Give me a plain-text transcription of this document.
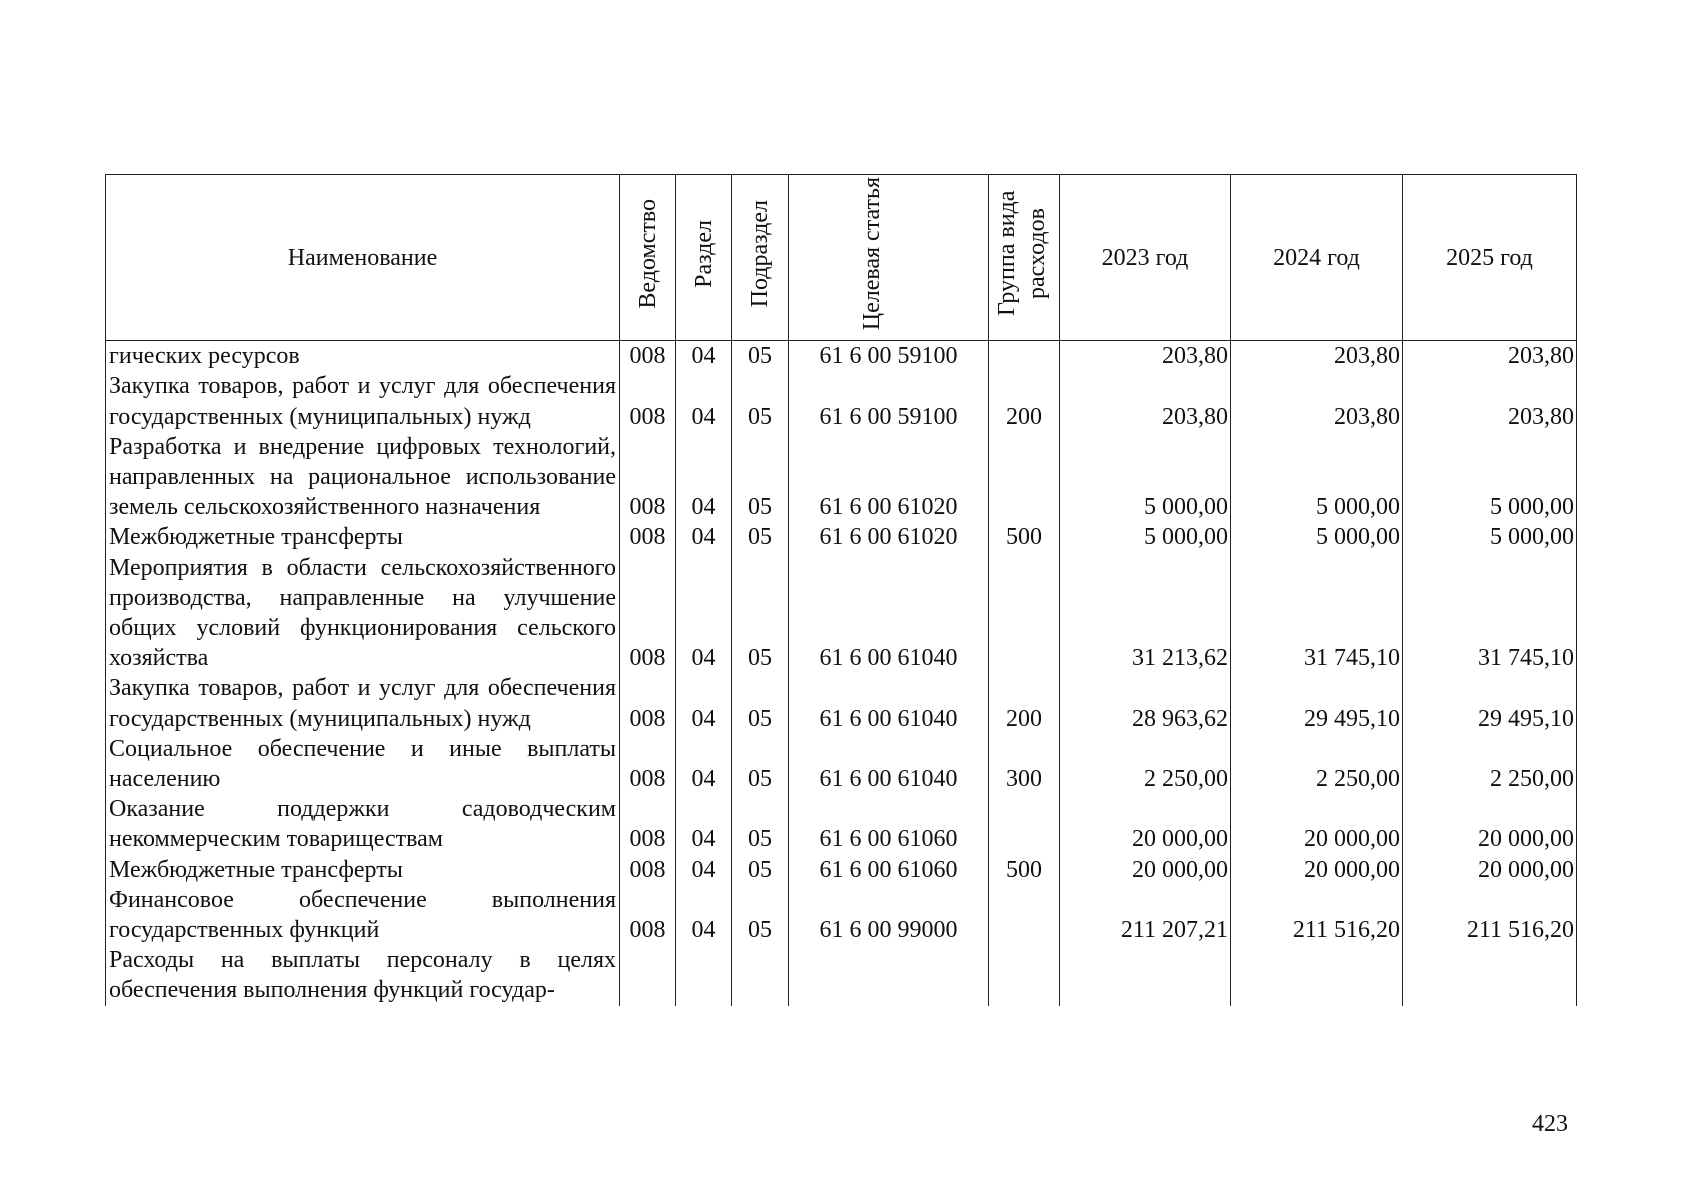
Наименование	Ведомство	Раздел	Подраздел	Целевая статья	Группа вида расходов	2023 год	2024 год	2025 год
гических ресурсов	008	04	05	61 6 00 59100		203,80	203,80	203,80
Закупка товаров, работ и услуг для обеспечения государственных (муниципальных) нужд	008	04	05	61 6 00 59100	200	203,80	203,80	203,80
Разработка и внедрение цифровых технологий, направленных на рациональное использование земель сельскохозяйственного назначения	008	04	05	61 6 00 61020		5 000,00	5 000,00	5 000,00
Межбюджетные трансферты	008	04	05	61 6 00 61020	500	5 000,00	5 000,00	5 000,00
Мероприятия в области сельскохозяйственного производства, направленные на улучшение общих условий функционирования сельского хозяйства	008	04	05	61 6 00 61040		31 213,62	31 745,10	31 745,10
Закупка товаров, работ и услуг для обеспечения государственных (муниципальных) нужд	008	04	05	61 6 00 61040	200	28 963,62	29 495,10	29 495,10
Социальное обеспечение и иные выплаты населению	008	04	05	61 6 00 61040	300	2 250,00	2 250,00	2 250,00
Оказание поддержки садоводческим некоммерческим товариществам	008	04	05	61 6 00 61060		20 000,00	20 000,00	20 000,00
Межбюджетные трансферты	008	04	05	61 6 00 61060	500	20 000,00	20 000,00	20 000,00
Финансовое обеспечение выполнения государственных функций	008	04	05	61 6 00 99000		211 207,21	211 516,20	211 516,20
Расходы на выплаты персоналу в целях обеспечения выполнения функций государ-								
423
